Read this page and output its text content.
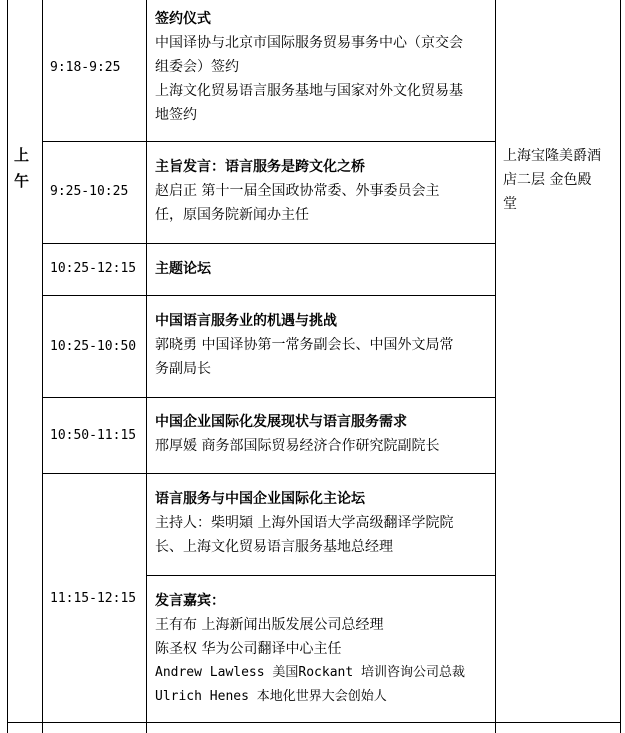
上
午
上海宝隆美爵酒
店二层 金色殿
堂
9:18-9:25
签约仪式
中国译协与北京市国际服务贸易事务中心（京交会
组委会）签约
上海文化贸易语言服务基地与国家对外文化贸易基
地签约
9:25-10:25
主旨发言：语言服务是跨文化之桥
赵启正 第十一届全国政协常委、外事委员会主
任，原国务院新闻办主任
10:25-12:15 主题论坛
10:25-10:50
中国语言服务业的机遇与挑战
郭晓勇 中国译协第一常务副会长、中国外文局常
务副局长
10:50-11:15
中国企业国际化发展现状与语言服务需求
邢厚媛 商务部国际贸易经济合作研究院副院长
11:15-12:15
语言服务与中国企业国际化主论坛
主持人：柴明熲 上海外国语大学高级翻译学院院
长、上海文化贸易语言服务基地总经理
发言嘉宾：
王有布 上海新闻出版发展公司总经理
陈圣权 华为公司翻译中心主任
Andrew Lawless 美国Rockant 培训咨询公司总裁
Ulrich Henes 本地化世界大会创始人
